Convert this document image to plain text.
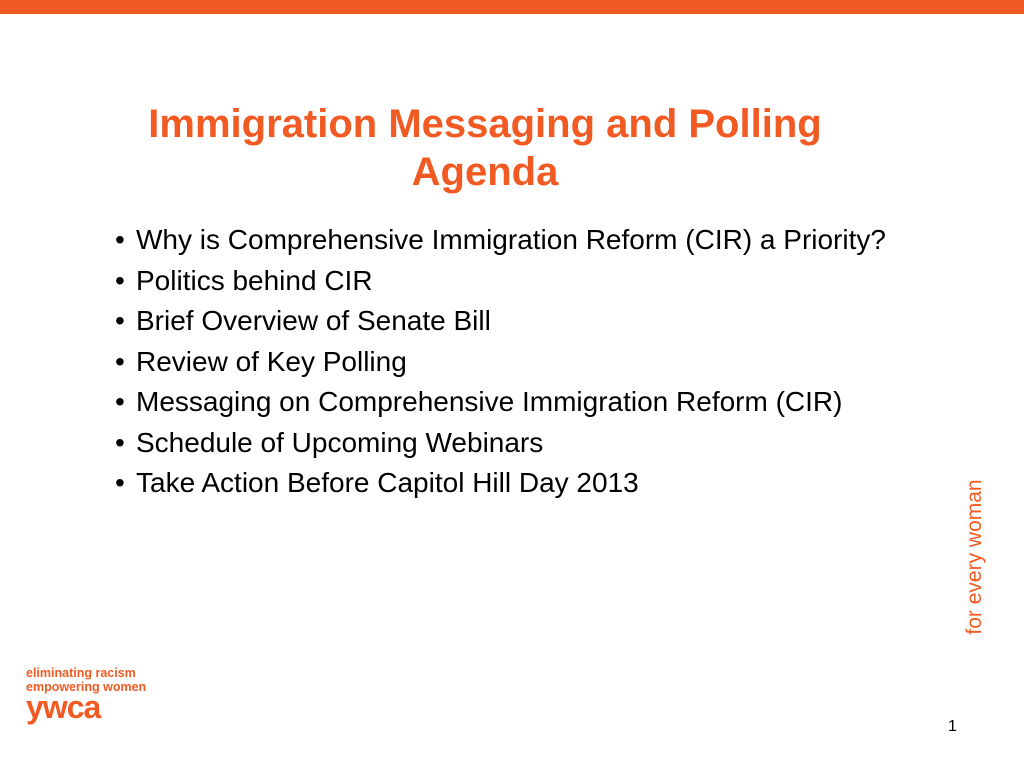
Immigration Messaging and Polling
Agenda
• Why is Comprehensive Immigration Reform (CIR) a Priority?
• Politics behind CIR
• Brief Overview of Senate Bill
• Review of Key Polling
• Messaging on Comprehensive Immigration Reform (CIR)
• Schedule of Upcoming Webinars
• Take Action Before Capitol Hill Day 2013	for every woman
eliminating racism
empowering women
ywca
1
